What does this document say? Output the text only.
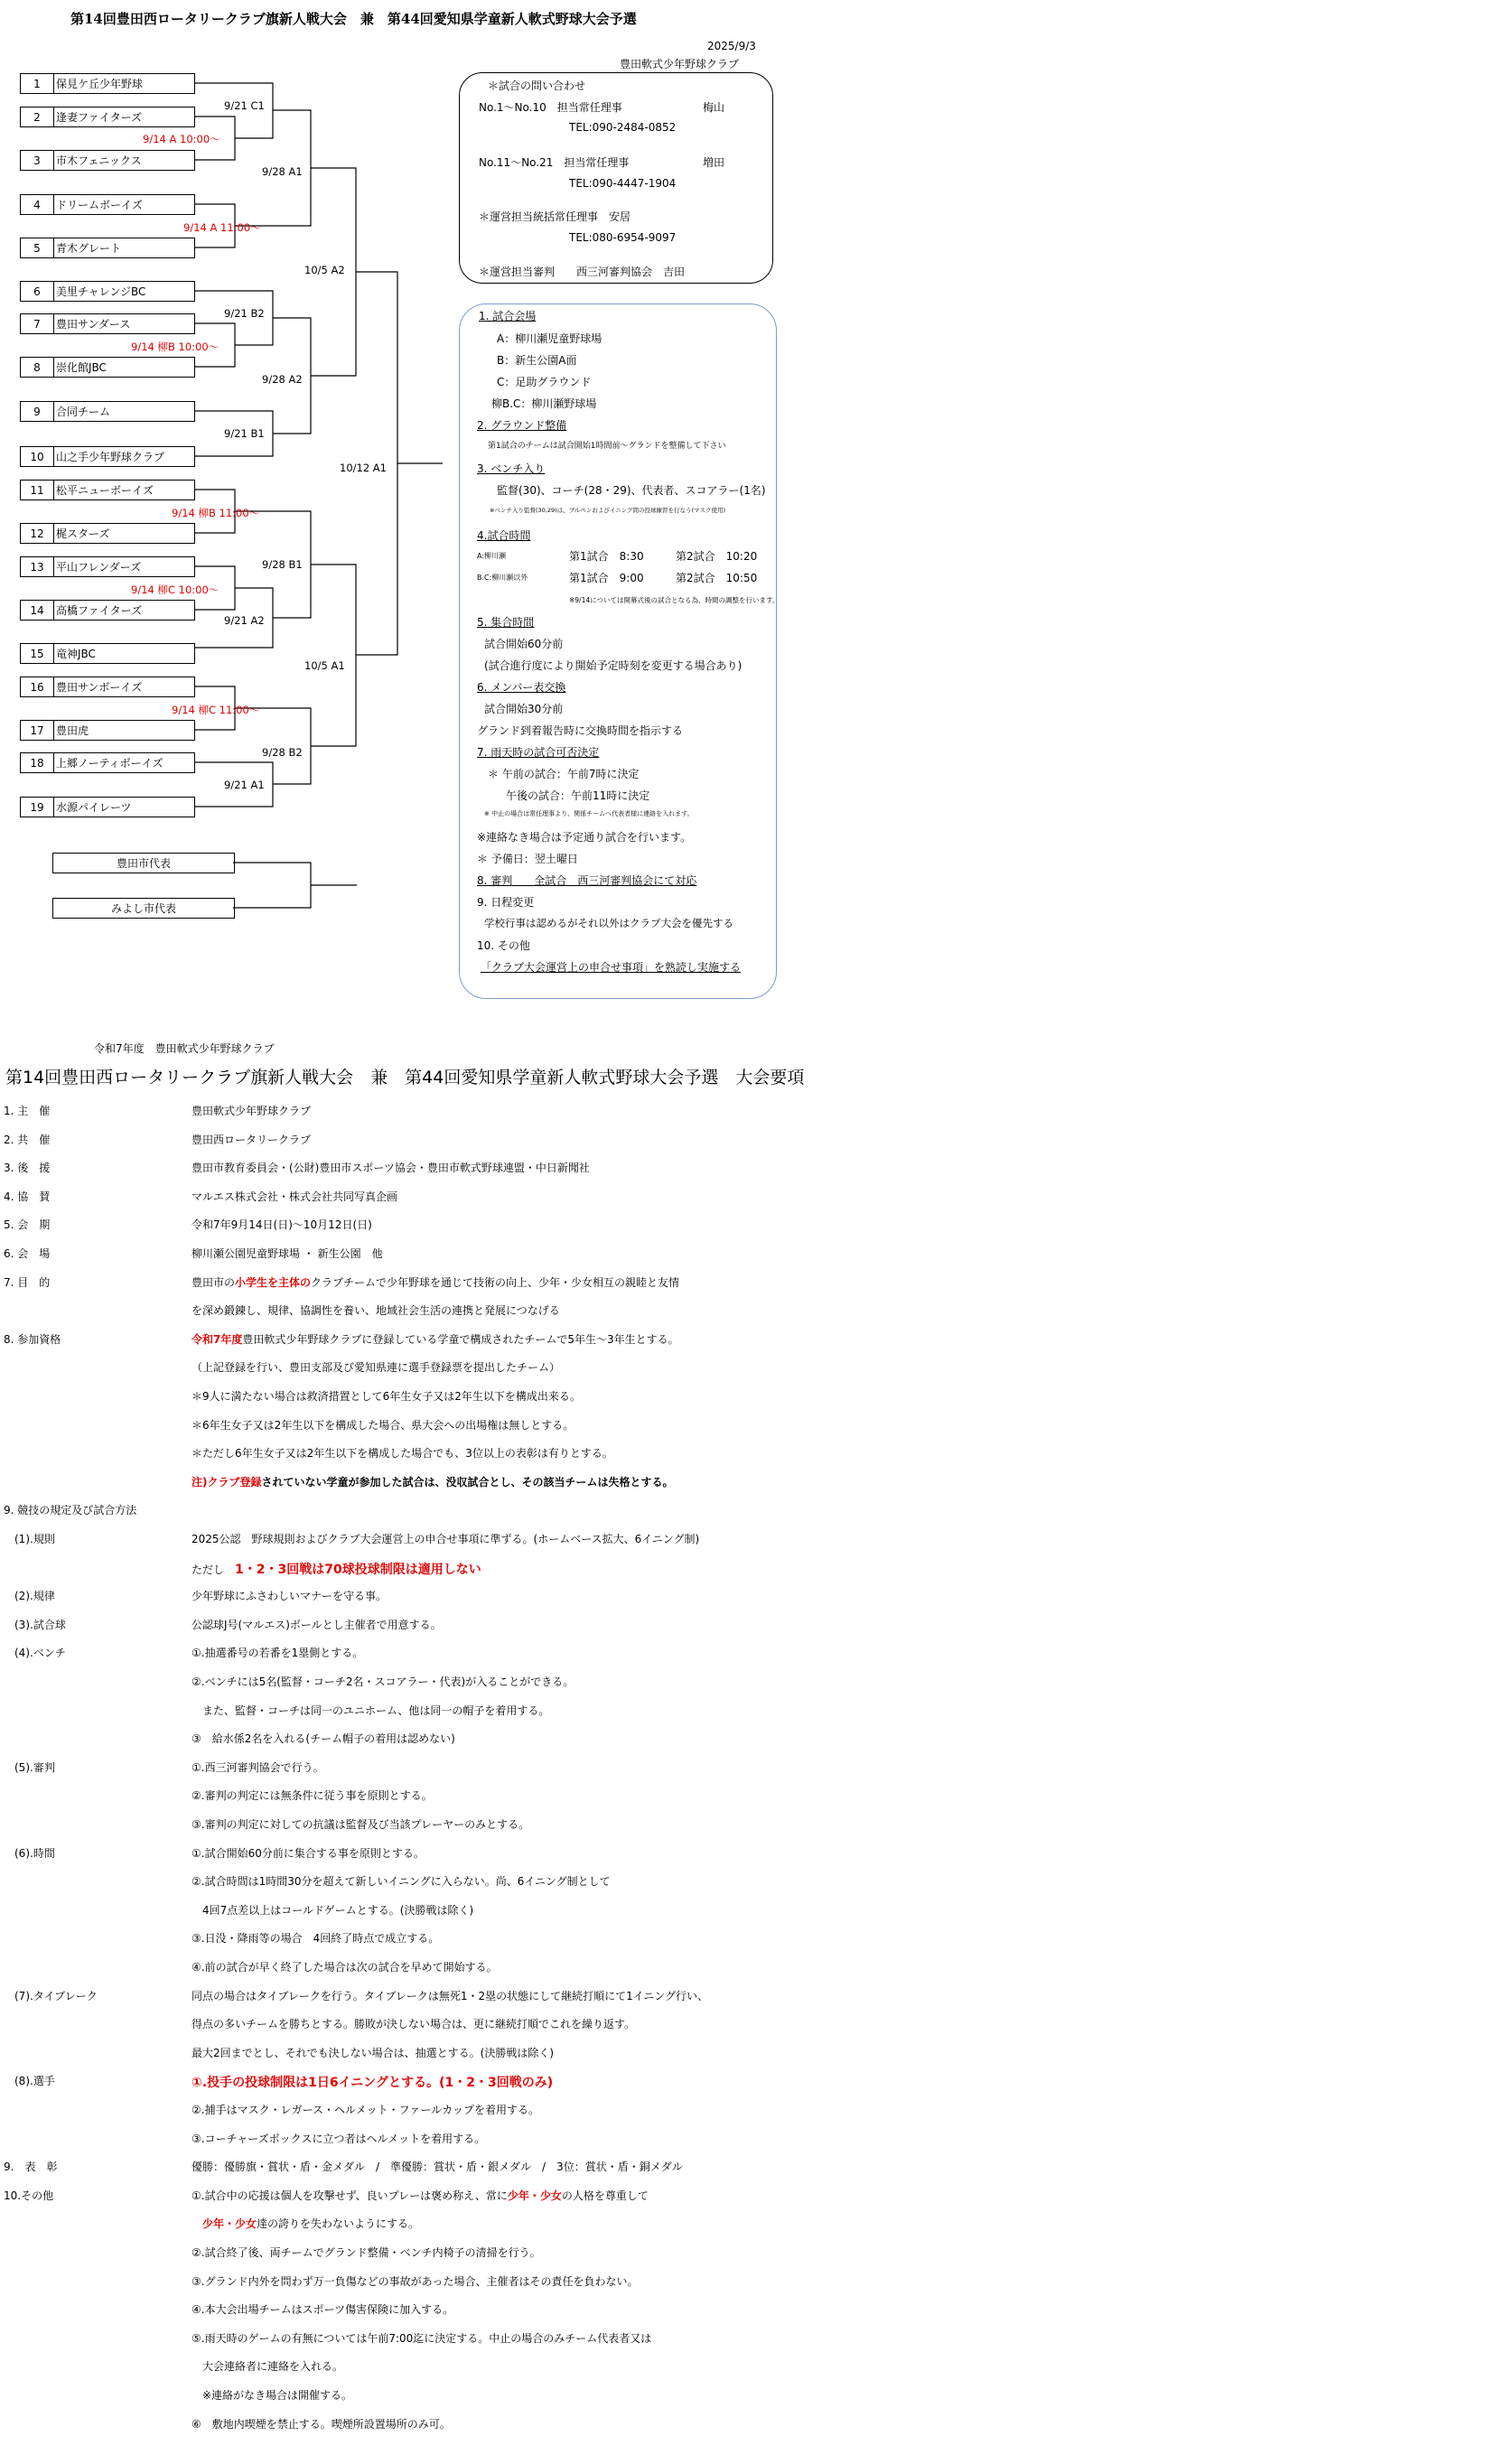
第14回豊田西ロータリークラブ旗新人戦大会　兼　第44回愛知県学童新人軟式野球大会予選
2025/9/3
豊田軟式少年野球クラブ
1	保見ケ丘少年野球
2	逢妻ファイターズ
3	市木フェニックス
4	ドリームボーイズ
5	青木グレート
6	美里チャレンジBC
7	豊田サンダース
8	崇化館JBC
9	合同チーム
10	山之手少年野球クラブ
11	松平ニューボーイズ
12	梶スターズ
13	平山フレンダーズ
14	高橋ファイターズ
15	竜神JBC
16	豊田サンボーイズ
17	豊田虎
18	上郷ノーティボーイズ
19	水源パイレーツ
豊田市代表
みよし市代表
9/21 C1
9/14 A 10:00～
9/28 A1
9/14 A 11:00～
10/5 A2
9/21 B2
9/14 柳B 10:00～
9/28 A2
9/21 B1
10/12 A1
9/14 柳B 11:00～
9/28 B1
9/14 柳C 10:00～
9/21 A2
10/5 A1
9/14 柳C 11:00～
9/28 B2
9/21 A1
＊試合の問い合わせ
No.1～No.10　担当常任理事	梅山
TEL:090-2484-0852
No.11～No.21　担当常任理事	増田
TEL:090-4447-1904
＊運営担当統括常任理事　安居
TEL:080-6954-9097
＊運営担当審判　　西三河審判協会　吉田
1. 試合会場
A：柳川瀬児童野球場
B：新生公園A面
C：足助グラウンド
柳B.C：柳川瀬野球場
2. グラウンド整備
第1試合のチームは試合開始1時間前～グランドを整備して下さい
3. ベンチ入り
監督(30)、コーチ(28・29)、代表者、スコアラー(1名)
※ベンチ入り監督(30,29)は、ブルペンおよびイニング間の投球練習を行なう(マスク使用)
4.試合時間
A:柳川瀬	第1試合　8:30	第2試合　10:20
B.C:柳川瀬以外	第1試合　9:00	第2試合　10:50
※9/14については開幕式後の試合となる為、時間の調整を行います。
5. 集合時間
試合開始60分前
(試合進行度により開始予定時刻を変更する場合あり)
6. メンバー表交換
試合開始30分前
グランド到着報告時に交換時間を指示する
7. 雨天時の試合可否決定
＊ 午前の試合：午前7時に決定
午後の試合：午前11時に決定
※ 中止の場合は常任理事より、関係チームへ代表者様に連絡を入れます。
※連絡なき場合は予定通り試合を行います。
＊ 予備日：翌土曜日
8. 審判　　全試合　西三河審判協会にて対応
9. 日程変更
学校行事は認めるがそれ以外はクラブ大会を優先する
10. その他
「クラブ大会運営上の申合せ事項」を熟読し実施する
令和7年度　豊田軟式少年野球クラブ
第14回豊田西ロータリークラブ旗新人戦大会　兼　第44回愛知県学童新人軟式野球大会予選　大会要項
1. 主　催	豊田軟式少年野球クラブ
2. 共　催	豊田西ロータリークラブ
3. 後　援	豊田市教育委員会・(公財)豊田市スポーツ協会・豊田市軟式野球連盟・中日新聞社
4. 協　賛	マルエス株式会社・株式会社共同写真企画
5. 会　期	令和7年9月14日(日)～10月12日(日)
6. 会　場	柳川瀬公園児童野球場 ・ 新生公園　他
7. 目　的	豊田市の小学生を主体のクラブチームで少年野球を通じて技術の向上、少年・少女相互の親睦と友情
を深め鍛錬し、規律、協調性を養い、地域社会生活の連携と発展につなげる
8. 参加資格	令和7年度豊田軟式少年野球クラブに登録している学童で構成されたチームで5年生～3年生とする。
（上記登録を行い、豊田支部及び愛知県連に選手登録票を提出したチーム）
＊9人に満たない場合は救済措置として6年生女子又は2年生以下を構成出来る。
＊6年生女子又は2年生以下を構成した場合、県大会への出場権は無しとする。
＊ただし6年生女子又は2年生以下を構成した場合でも、3位以上の表彰は有りとする。
注)クラブ登録されていない学童が参加した試合は、没収試合とし、その該当チームは失格とする。
9. 競技の規定及び試合方法
　(1).規則	2025公認　野球規則およびクラブ大会運営上の申合せ事項に準ずる。(ホームベース拡大、6イニング制)
ただし　1・2・3回戦は70球投球制限は適用しない
　(2).規律	少年野球にふさわしいマナーを守る事。
　(3).試合球	公認球J号(マルエス)ボールとし主催者で用意する。
　(4).ベンチ	①.抽選番号の若番を1塁側とする。
②.ベンチには5名(監督・コーチ2名・スコアラー・代表)が入ることができる。
　また、監督・コーチは同一のユニホーム、他は同一の帽子を着用する。
③　給水係2名を入れる(チーム帽子の着用は認めない)
　(5).審判	①.西三河審判協会で行う。
②.審判の判定には無条件に従う事を原則とする。
③.審判の判定に対しての抗議は監督及び当該プレーヤーのみとする。
　(6).時間	①.試合開始60分前に集合する事を原則とする。
②.試合時間は1時間30分を超えて新しいイニングに入らない。尚、6イニング制として
　4回7点差以上はコールドゲームとする。(決勝戦は除く)
③.日没・降雨等の場合　4回終了時点で成立する。
④.前の試合が早く終了した場合は次の試合を早めて開始する。
　(7).タイブレーク	同点の場合はタイブレークを行う。タイブレークは無死1・2塁の状態にして継続打順にて1イニング行い、
得点の多いチームを勝ちとする。勝敗が決しない場合は、更に継続打順でこれを繰り返す。
最大2回までとし、それでも決しない場合は、抽選とする。(決勝戦は除く)
　(8).選手	①.投手の投球制限は1日6イニングとする。(1・2・3回戦のみ)
②.捕手はマスク・レガース・ヘルメット・ファールカップを着用する。
③.コーチャーズボックスに立つ者はヘルメットを着用する。
9.　表　彰	優勝：優勝旗・賞状・盾・金メダル　/　準優勝：賞状・盾・銀メダル　/　3位：賞状・盾・銅メダル
10.その他	①.試合中の応援は個人を攻撃せず、良いプレーは褒め称え、常に少年・少女の人格を尊重して
　少年・少女達の誇りを失わないようにする。
②.試合終了後、両チームでグランド整備・ベンチ内椅子の清掃を行う。
③.グランド内外を問わず万一負傷などの事故があった場合、主催者はその責任を負わない。
④.本大会出場チームはスポーツ傷害保険に加入する。
⑤.雨天時のゲームの有無については午前7:00迄に決定する。中止の場合のみチーム代表者又は
　大会連絡者に連絡を入れる。
　※連絡がなき場合は開催する。
⑥　敷地内喫煙を禁止する。喫煙所設置場所のみ可。
